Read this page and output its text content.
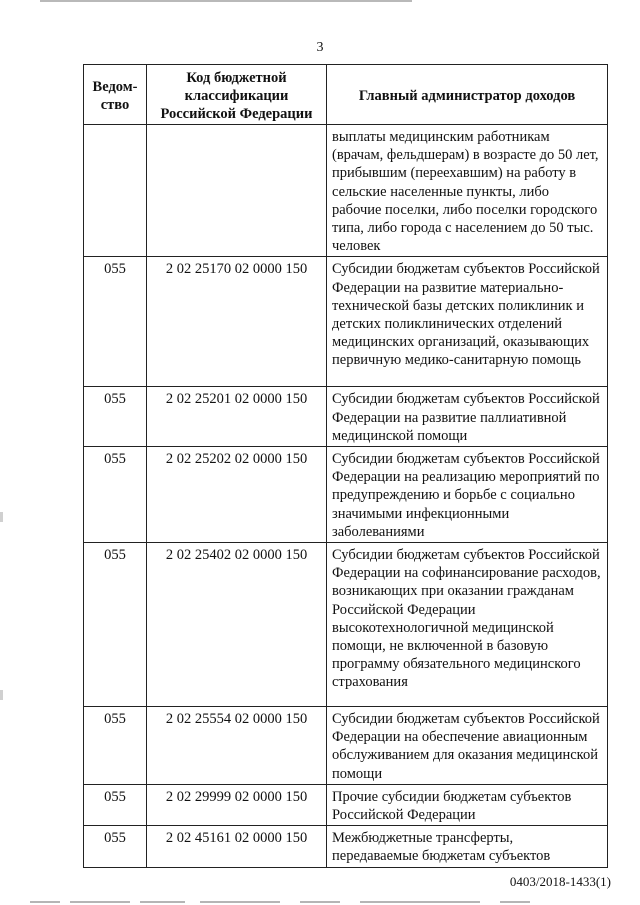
3
Ведом-
ство	Код бюджетной классификации Российской Федерации	Главный администратор доходов
		выплаты медицинским работникам (врачам, фельдшерам) в возрасте до 50 лет, прибывшим (переехавшим) на работу в сельские населенные пункты, либо рабочие поселки, либо поселки городского типа, либо города с населением до 50 тыс. человек
055	2 02 25170 02 0000 150	Субсидии бюджетам субъектов Российской Федерации на развитие материально-технической базы детских поликлиник и детских поликлинических отделений медицинских организаций, оказывающих первичную медико-санитарную помощь
055	2 02 25201 02 0000 150	Субсидии бюджетам субъектов Российской Федерации на развитие паллиативной медицинской помощи
055	2 02 25202 02 0000 150	Субсидии бюджетам субъектов Российской Федерации на реализацию мероприятий по предупреждению и борьбе с социально значимыми инфекционными заболеваниями
055	2 02 25402 02 0000 150	Субсидии бюджетам субъектов Российской Федерации на софинансирование расходов, возникающих при оказании гражданам Российской Федерации высокотехнологичной медицинской помощи, не включенной в базовую программу обязательного медицинского страхования
055	2 02 25554 02 0000 150	Субсидии бюджетам субъектов Российской Федерации на обеспечение авиационным обслуживанием для оказания медицинской помощи
055	2 02 29999 02 0000 150	Прочие субсидии бюджетам субъектов Российской Федерации
055	2 02 45161 02 0000 150	Межбюджетные трансферты, передаваемые бюджетам субъектов
0403/2018-1433(1)
